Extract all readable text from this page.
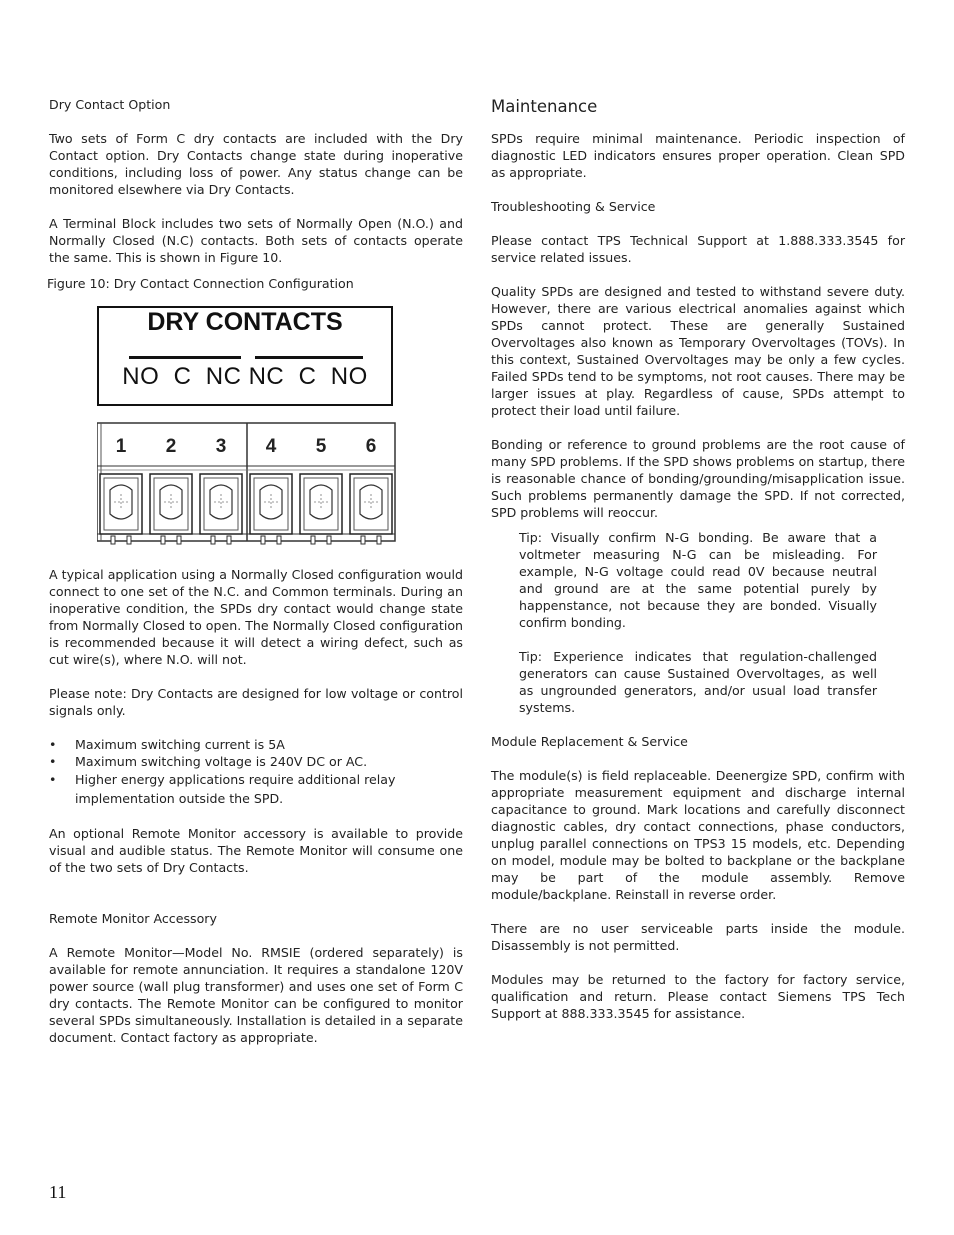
Dry Contact Option

Two sets of Form C dry contacts are included with the Dry Contact option. Dry Contacts change state during inoperative conditions, including loss of power. Any status change can be monitored elsewhere via Dry Contacts.

A Terminal Block includes two sets of Normally Open (N.O.) and Normally Closed (N.C) contacts. Both sets of contacts operate the same. This is shown in Figure 10.

Figure 10: Dry Contact Connection Configuration
DRY CONTACTS
NO  C  NC NC  C  NO
1 2 3 4 5 6

A typical application using a Normally Closed configuration would connect to one set of the N.C. and Common terminals. During an inoperative condition, the SPDs dry contact would change state from Normally Closed to open. The Normally Closed configuration is recommended because it will detect a wiring defect, such as cut wire(s), where N.O. will not.

Please note: Dry Contacts are designed for low voltage or control signals only.

• Maximum switching current is 5A
• Maximum switching voltage is 240V DC or AC.
• Higher energy applications require additional relay implementation outside the SPD.

An optional Remote Monitor accessory is available to provide visual and audible status. The Remote Monitor will consume one of the two sets of Dry Contacts.

Remote Monitor Accessory

A Remote Monitor—Model No. RMSIE (ordered separately) is available for remote annunciation. It requires a standalone 120V power source (wall plug transformer) and uses one set of Form C dry contacts. The Remote Monitor can be configured to monitor several SPDs simultaneously. Installation is detailed in a separate document. Contact factory as appropriate.

Maintenance

SPDs require minimal maintenance. Periodic inspection of diagnostic LED indicators ensures proper operation. Clean SPD as appropriate.

Troubleshooting & Service

Please contact TPS Technical Support at 1.888.333.3545 for service related issues.

Quality SPDs are designed and tested to withstand severe duty. However, there are various electrical anomalies against which SPDs cannot protect. These are generally Sustained Overvoltages also known as Temporary Overvoltages (TOVs). In this context, Sustained Overvoltages may be only a few cycles. Failed SPDs tend to be symptoms, not root causes. There may be larger issues at play. Regardless of cause, SPDs attempt to protect their load until failure.

Bonding or reference to ground problems are the root cause of many SPD problems. If the SPD shows problems on startup, there is reasonable chance of bonding/grounding/misapplication issue. Such problems permanently damage the SPD. If not corrected, SPD problems will reoccur.

Tip: Visually confirm N-G bonding. Be aware that a voltmeter measuring N-G can be misleading. For example, N-G voltage could read 0V because neutral and ground are at the same potential purely by happenstance, not because they are bonded. Visually confirm bonding.

Tip: Experience indicates that regulation-challenged generators can cause Sustained Overvoltages, as well as ungrounded generators, and/or usual load transfer systems.

Module Replacement & Service

The module(s) is field replaceable. Deenergize SPD, confirm with appropriate measurement equipment and discharge internal capacitance to ground. Mark locations and carefully disconnect diagnostic cables, dry contact connections, phase conductors, unplug parallel connections on TPS3 15 models, etc. Depending on model, module may be bolted to backplane or the backplane may be part of the module assembly. Remove module/backplane. Reinstall in reverse order.

There are no user serviceable parts inside the module. Disassembly is not permitted.

Modules may be returned to the factory for factory service, qualification and return. Please contact Siemens TPS Tech Support at 888.333.3545 for assistance.

11
